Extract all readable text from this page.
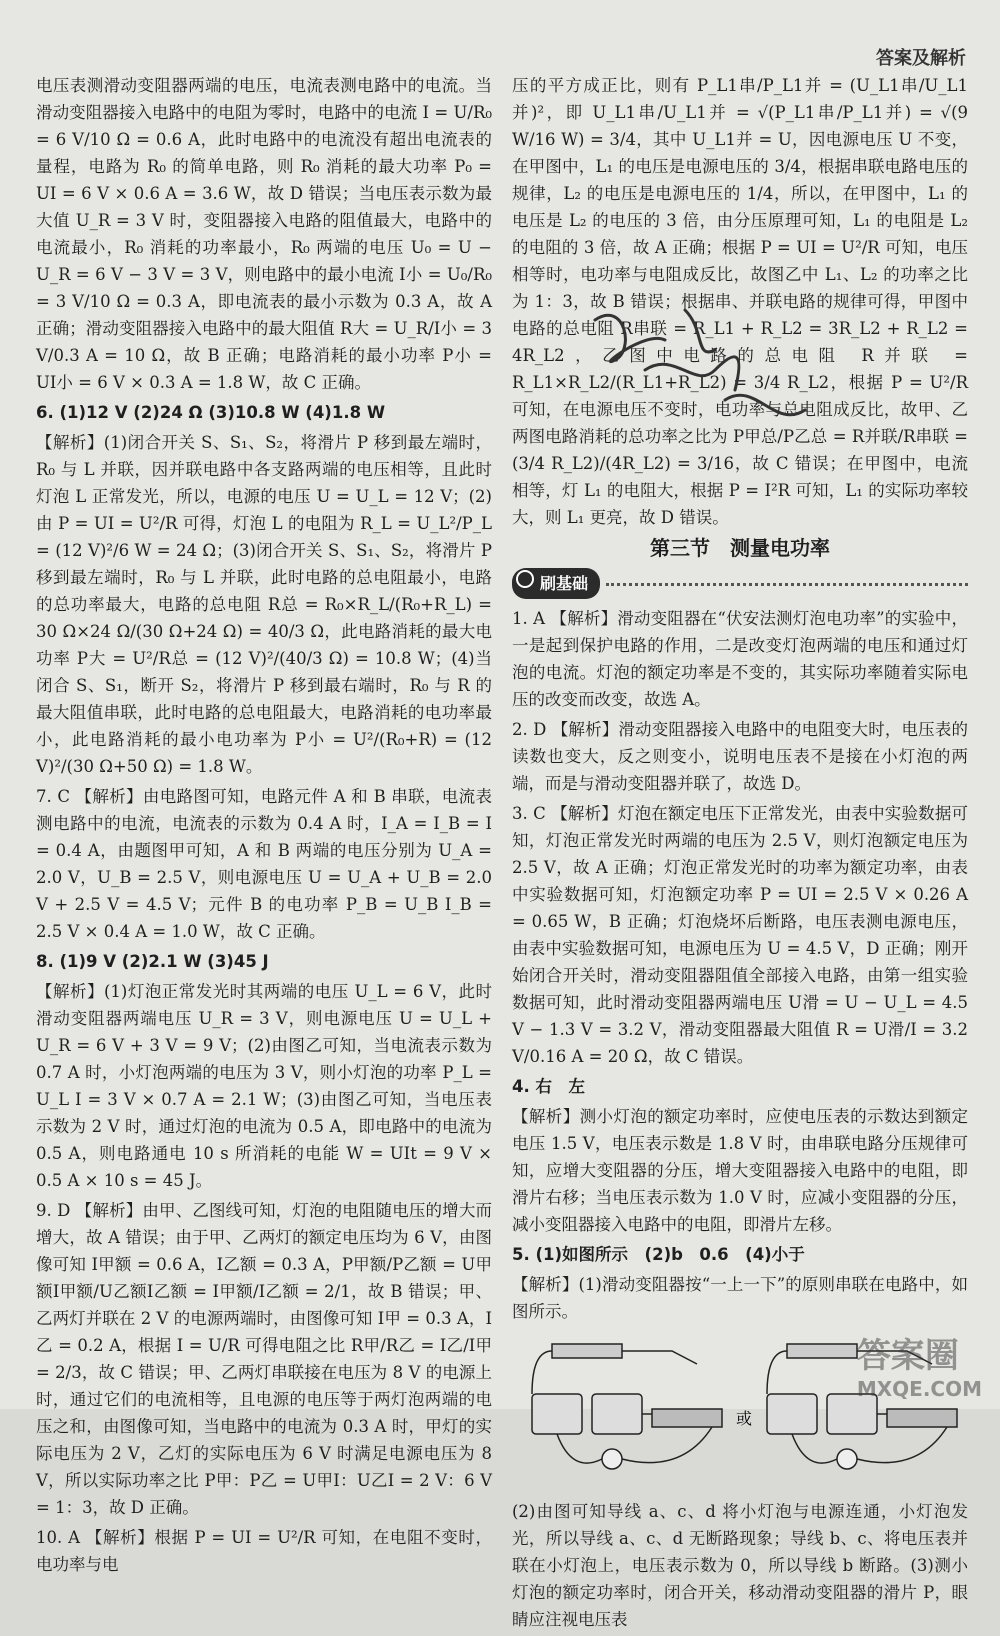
答案及解析

电压表测滑动变阻器两端的电压，电流表测电路中的电流。当滑动变阻器接入电路中的电阻为零时，电路中的电流 I = U/R₀ = 6 V/10 Ω = 0.6 A，此时电路中的电流没有超出电流表的量程，电路为 R₀ 的简单电路，则 R₀ 消耗的最大功率 P₀ = UI = 6 V × 0.6 A = 3.6 W，故 D 错误；当电压表示数为最大值 U_R = 3 V 时，变阻器接入电路的阻值最大，电路中的电流最小，R₀ 消耗的功率最小，R₀ 两端的电压 U₀ = U − U_R = 6 V − 3 V = 3 V，则电路中的最小电流 I小 = U₀/R₀ = 3 V/10 Ω = 0.3 A，即电流表的最小示数为 0.3 A，故 A 正确；滑动变阻器接入电路中的最大阻值 R大 = U_R/I小 = 3 V/0.3 A = 10 Ω，故 B 正确；电路消耗的最小功率 P小 = UI小 = 6 V × 0.3 A = 1.8 W，故 C 正确。

6. (1)12 V (2)24 Ω (3)10.8 W (4)1.8 W

【解析】(1)闭合开关 S、S₁、S₂，将滑片 P 移到最左端时，R₀ 与 L 并联，因并联电路中各支路两端的电压相等，且此时灯泡 L 正常发光，所以，电源的电压 U = U_L = 12 V；(2)由 P = UI = U²/R 可得，灯泡 L 的电阻为 R_L = U_L²/P_L = (12 V)²/6 W = 24 Ω；(3)闭合开关 S、S₁、S₂，将滑片 P 移到最左端时，R₀ 与 L 并联，此时电路的总电阻最小，电路的总功率最大，电路的总电阻 R总 = R₀×R_L/(R₀+R_L) = 30 Ω×24 Ω/(30 Ω+24 Ω) = 40/3 Ω，此电路消耗的最大电功率 P大 = U²/R总 = (12 V)²/(40/3 Ω) = 10.8 W；(4)当闭合 S、S₁，断开 S₂，将滑片 P 移到最右端时，R₀ 与 R 的最大阻值串联，此时电路的总电阻最大，电路消耗的电功率最小，此电路消耗的最小电功率为 P小 = U²/(R₀+R) = (12 V)²/(30 Ω+50 Ω) = 1.8 W。

7. C 【解析】由电路图可知，电路元件 A 和 B 串联，电流表测电路中的电流，电流表的示数为 0.4 A 时，I_A = I_B = I = 0.4 A，由题图甲可知，A 和 B 两端的电压分别为 U_A = 2.0 V，U_B = 2.5 V，则电源电压 U = U_A + U_B = 2.0 V + 2.5 V = 4.5 V；元件 B 的电功率 P_B = U_B I_B = 2.5 V × 0.4 A = 1.0 W，故 C 正确。

8. (1)9 V (2)2.1 W (3)45 J

【解析】(1)灯泡正常发光时其两端的电压 U_L = 6 V，此时滑动变阻器两端电压 U_R = 3 V，则电源电压 U = U_L + U_R = 6 V + 3 V = 9 V；(2)由图乙可知，当电流表示数为 0.7 A 时，小灯泡两端的电压为 3 V，则小灯泡的功率 P_L = U_L I = 3 V × 0.7 A = 2.1 W；(3)由图乙可知，当电压表示数为 2 V 时，通过灯泡的电流为 0.5 A，即电路中的电流为 0.5 A，则电路通电 10 s 所消耗的电能 W = UIt = 9 V × 0.5 A × 10 s = 45 J。

9. D 【解析】由甲、乙图线可知，灯泡的电阻随电压的增大而增大，故 A 错误；由于甲、乙两灯的额定电压均为 6 V，由图像可知 I甲额 = 0.6 A，I乙额 = 0.3 A，P甲额/P乙额 = U甲额I甲额/U乙额I乙额 = I甲额/I乙额 = 2/1，故 B 错误；甲、乙两灯并联在 2 V 的电源两端时，由图像可知 I甲 = 0.3 A，I乙 = 0.2 A，根据 I = U/R 可得电阻之比 R甲/R乙 = I乙/I甲 = 2/3，故 C 错误；甲、乙两灯串联接在电压为 8 V 的电源上时，通过它们的电流相等，且电源的电压等于两灯泡两端的电压之和，由图像可知，当电路中的电流为 0.3 A 时，甲灯的实际电压为 2 V，乙灯的实际电压为 6 V 时满足电源电压为 8 V，所以实际功率之比 P甲：P乙 = U甲I：U乙I = 2 V：6 V = 1：3，故 D 正确。

10. A 【解析】根据 P = UI = U²/R 可知，在电阻不变时，电功率与电

压的平方成正比，则有 P_L1串/P_L1并 = (U_L1串/U_L1并)²，即 U_L1串/U_L1并 = √(P_L1串/P_L1并) = √(9 W/16 W) = 3/4，其中 U_L1并 = U，因电源电压 U 不变，在甲图中，L₁ 的电压是电源电压的 3/4，根据串联电路电压的规律，L₂ 的电压是电源电压的 1/4，所以，在甲图中，L₁ 的电压是 L₂ 的电压的 3 倍，由分压原理可知，L₁ 的电阻是 L₂ 的电阻的 3 倍，故 A 正确；根据 P = UI = U²/R 可知，电压相等时，电功率与电阻成反比，故图乙中 L₁、L₂ 的功率之比为 1：3，故 B 错误；根据串、并联电路的规律可得，甲图中电路的总电阻 R串联 = R_L1 + R_L2 = 3R_L2 + R_L2 = 4R_L2，乙图中电路的总电阻 R并联 = R_L1×R_L2/(R_L1+R_L2) = 3/4 R_L2，根据 P = U²/R 可知，在电源电压不变时，电功率与总电阻成反比，故甲、乙两图电路消耗的总功率之比为 P甲总/P乙总 = R并联/R串联 = (3/4 R_L2)/(4R_L2) = 3/16，故 C 错误；在甲图中，电流相等，灯 L₁ 的电阻大，根据 P = I²R 可知，L₁ 的实际功率较大，则 L₁ 更亮，故 D 错误。

第三节　测量电功率
刷基础

1. A 【解析】滑动变阻器在“伏安法测灯泡电功率”的实验中，一是起到保护电路的作用，二是改变灯泡两端的电压和通过灯泡的电流。灯泡的额定功率是不变的，其实际功率随着实际电压的改变而改变，故选 A。

2. D 【解析】滑动变阻器接入电路中的电阻变大时，电压表的读数也变大，反之则变小，说明电压表不是接在小灯泡的两端，而是与滑动变阻器并联了，故选 D。

3. C 【解析】灯泡在额定电压下正常发光，由表中实验数据可知，灯泡正常发光时两端的电压为 2.5 V，则灯泡额定电压为 2.5 V，故 A 正确；灯泡正常发光时的功率为额定功率，由表中实验数据可知，灯泡额定功率 P = UI = 2.5 V × 0.26 A = 0.65 W，B 正确；灯泡烧坏后断路，电压表测电源电压，由表中实验数据可知，电源电压为 U = 4.5 V，D 正确；刚开始闭合开关时，滑动变阻器阻值全部接入电路，由第一组实验数据可知，此时滑动变阻器两端电压 U滑 = U − U_L = 4.5 V − 1.3 V = 3.2 V，滑动变阻器最大阻值 R = U滑/I = 3.2 V/0.16 A = 20 Ω，故 C 错误。

4. 右　左

【解析】测小灯泡的额定功率时，应使电压表的示数达到额定电压 1.5 V，电压表示数是 1.8 V 时，由串联电路分压规律可知，应增大变阻器的分压，增大变阻器接入电路中的电阻，即滑片右移；当电压表示数为 1.0 V 时，应减小变阻器的分压，减小变阻器接入电路中的电阻，即滑片左移。

5. (1)如图所示　(2)b　0.6　(4)小于

【解析】(1)滑动变阻器按“一上一下”的原则串联在电路中，如图所示。

或

(2)由图可知导线 a、c、d 将小灯泡与电源连通，小灯泡发光，所以导线 a、c、d 无断路现象；导线 b、c、将电压表并联在小灯泡上，电压表示数为 0，所以导线 b 断路。(3)测小灯泡的额定功率时，闭合开关，移动滑动变阻器的滑片 P，眼睛应注视电压表

答案圈
MXQE.COM
